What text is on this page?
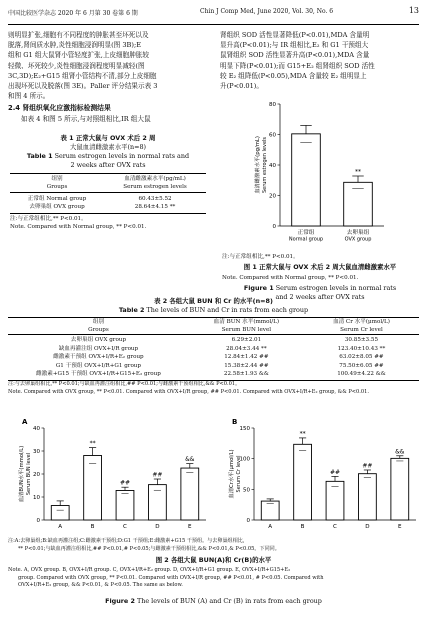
中国比较医学杂志 2020 年 6 月第 30 卷第 6 期	Chin J Comp Med, June 2020, Vol. 30, No. 6	13
则明显扩张,细胞有不同程度的肿胀甚至坏死以及
脱落,肾间质水肿,炎性细胞浸润明显(图 3B);E
组和 G1 组大鼠肾小管轻度扩张,上皮细胞肿胀较
轻微、坏死较少,炎性细胞浸润程度明显减轻(图
3C,3D);E₂+G15 组肾小管结构不清,部分上皮细胞
出现坏死以及脱落(图 3E)。Paller 评分结果示表 3
和图 4 所示。
2.4 肾组织氧化应激指标检测结果
如表 4 和图 5 所示,与对照组相比,IR 组大鼠
表 1 正常大鼠与 OVX 术后 2 周
大鼠血清雌激素水平(n=8)
Table 1 Serum estrogen levels in normal rats and
2 weeks after OVX rats
组别
Groups
血清雌激素水平(pg/mL)
Serum estrogen levels
正常组 Normal group	60.43±5.52
去卵巢组 OVX group	28.64±4.15 **
注:与正常组相比,** P<0.01。
Note. Compared with Normal group, ** P<0.01.
肾组织 SOD 活性显著降低(P<0.01),MDA 含量明
显升高(P<0.01);与 IR 组相比,E₂ 和 G1 干预组大
鼠肾组织 SOD 活性显著升高(P<0.01),MDA 含量
明显下降(P<0.01);而 G15+E₂ 组肾组织 SOD 活性
较 E₂ 组降低(P<0.05),MDA 含量较 E₂ 组明显上
升(P<0.01)。
0
20
40
60
80
血清雌激素水平(pg/mL) Serum estrogen levels
正常组
Normal group
**
去卵巢组
OVX group
注:与正常组相比,** P<0.01。
图 1 正常大鼠与 OVX 术后 2 周大鼠血清雌激素水平
Note. Compared with Normal group, ** P<0.01.
Figure 1 Serum estrogen levels in normal rats
and 2 weeks after OVX rats
表 2 各组大鼠 BUN 和 Cr 的水平(n=8)
Table 2 The levels of BUN and Cr in rats from each group
组别
Groups
血清 BUN 水平(mmol/L)
Serum BUN level
血清 Cr 水平(μmol/L)
Serum Cr level
去卵巢组 OVX group	6.29±2.01	30.85±3.55
缺血再灌注组 OVX+I/R group	28.04±3.44 **	123.40±10.43 **
雌激素干预组 OVX+I/R+E₂ group	12.84±1.42 ##	63.02±8.05 ##
G1 干预组 OVX+I/R+G1 group	15.38±2.44 ##	75.50±6.05 ##
雌激素+G15 干预组 OVX+I/R+G15+E₂ group	22.58±1.93 &&	100.49±4.22 &&
注:与去卵巢组相比,** P<0.01;与缺血再灌注组相比,## P<0.01;与雌激素干预组相比,&& P<0.01。
Note. Compared with OVX group, ** P<0.01. Compared with OVX+I/R group, ## P<0.01. Compared with OVX+I/R+E₂ group, && P<0.01.
0
10
20
30
40
血清BUN水平(mmol/L) Serum BUN level
A
A
**
B
##
C
##
D
&&
E
0
50
100
150
血清Cr水平(μmol/L) Serum Cr level
B
A
**
B
##
C
##
D
&&
E
注:A:去卵巢组;B:缺血再灌注组;C:雌激素干预组;D:G1 干预组;E:雌激素+G15 干预组。与去卵巢组相比,
** P<0.01;与缺血再灌注组相比,## P<0.01,# P<0.05;与雌激素干预组相比,&& P<0.01,& P<0.05。下同同。
图 2 各组大鼠 BUN(A)和 Cr(B)的水平
Note. A, OVX group. B, OVX+I/R group. C, OVX+I/R+E₂ group. D, OVX+I/R+G1 group. E, OVX+I/R+G15+E₂
group. Compared with OVX group, ** P<0.01. Compared with OVX+I/R group, ## P<0.01, # P<0.05. Compared with
OVX+I/R+E₂ group, && P<0.01, & P<0.05. The same as below.
Figure 2 The levels of BUN (A) and Cr (B) in rats from each group
